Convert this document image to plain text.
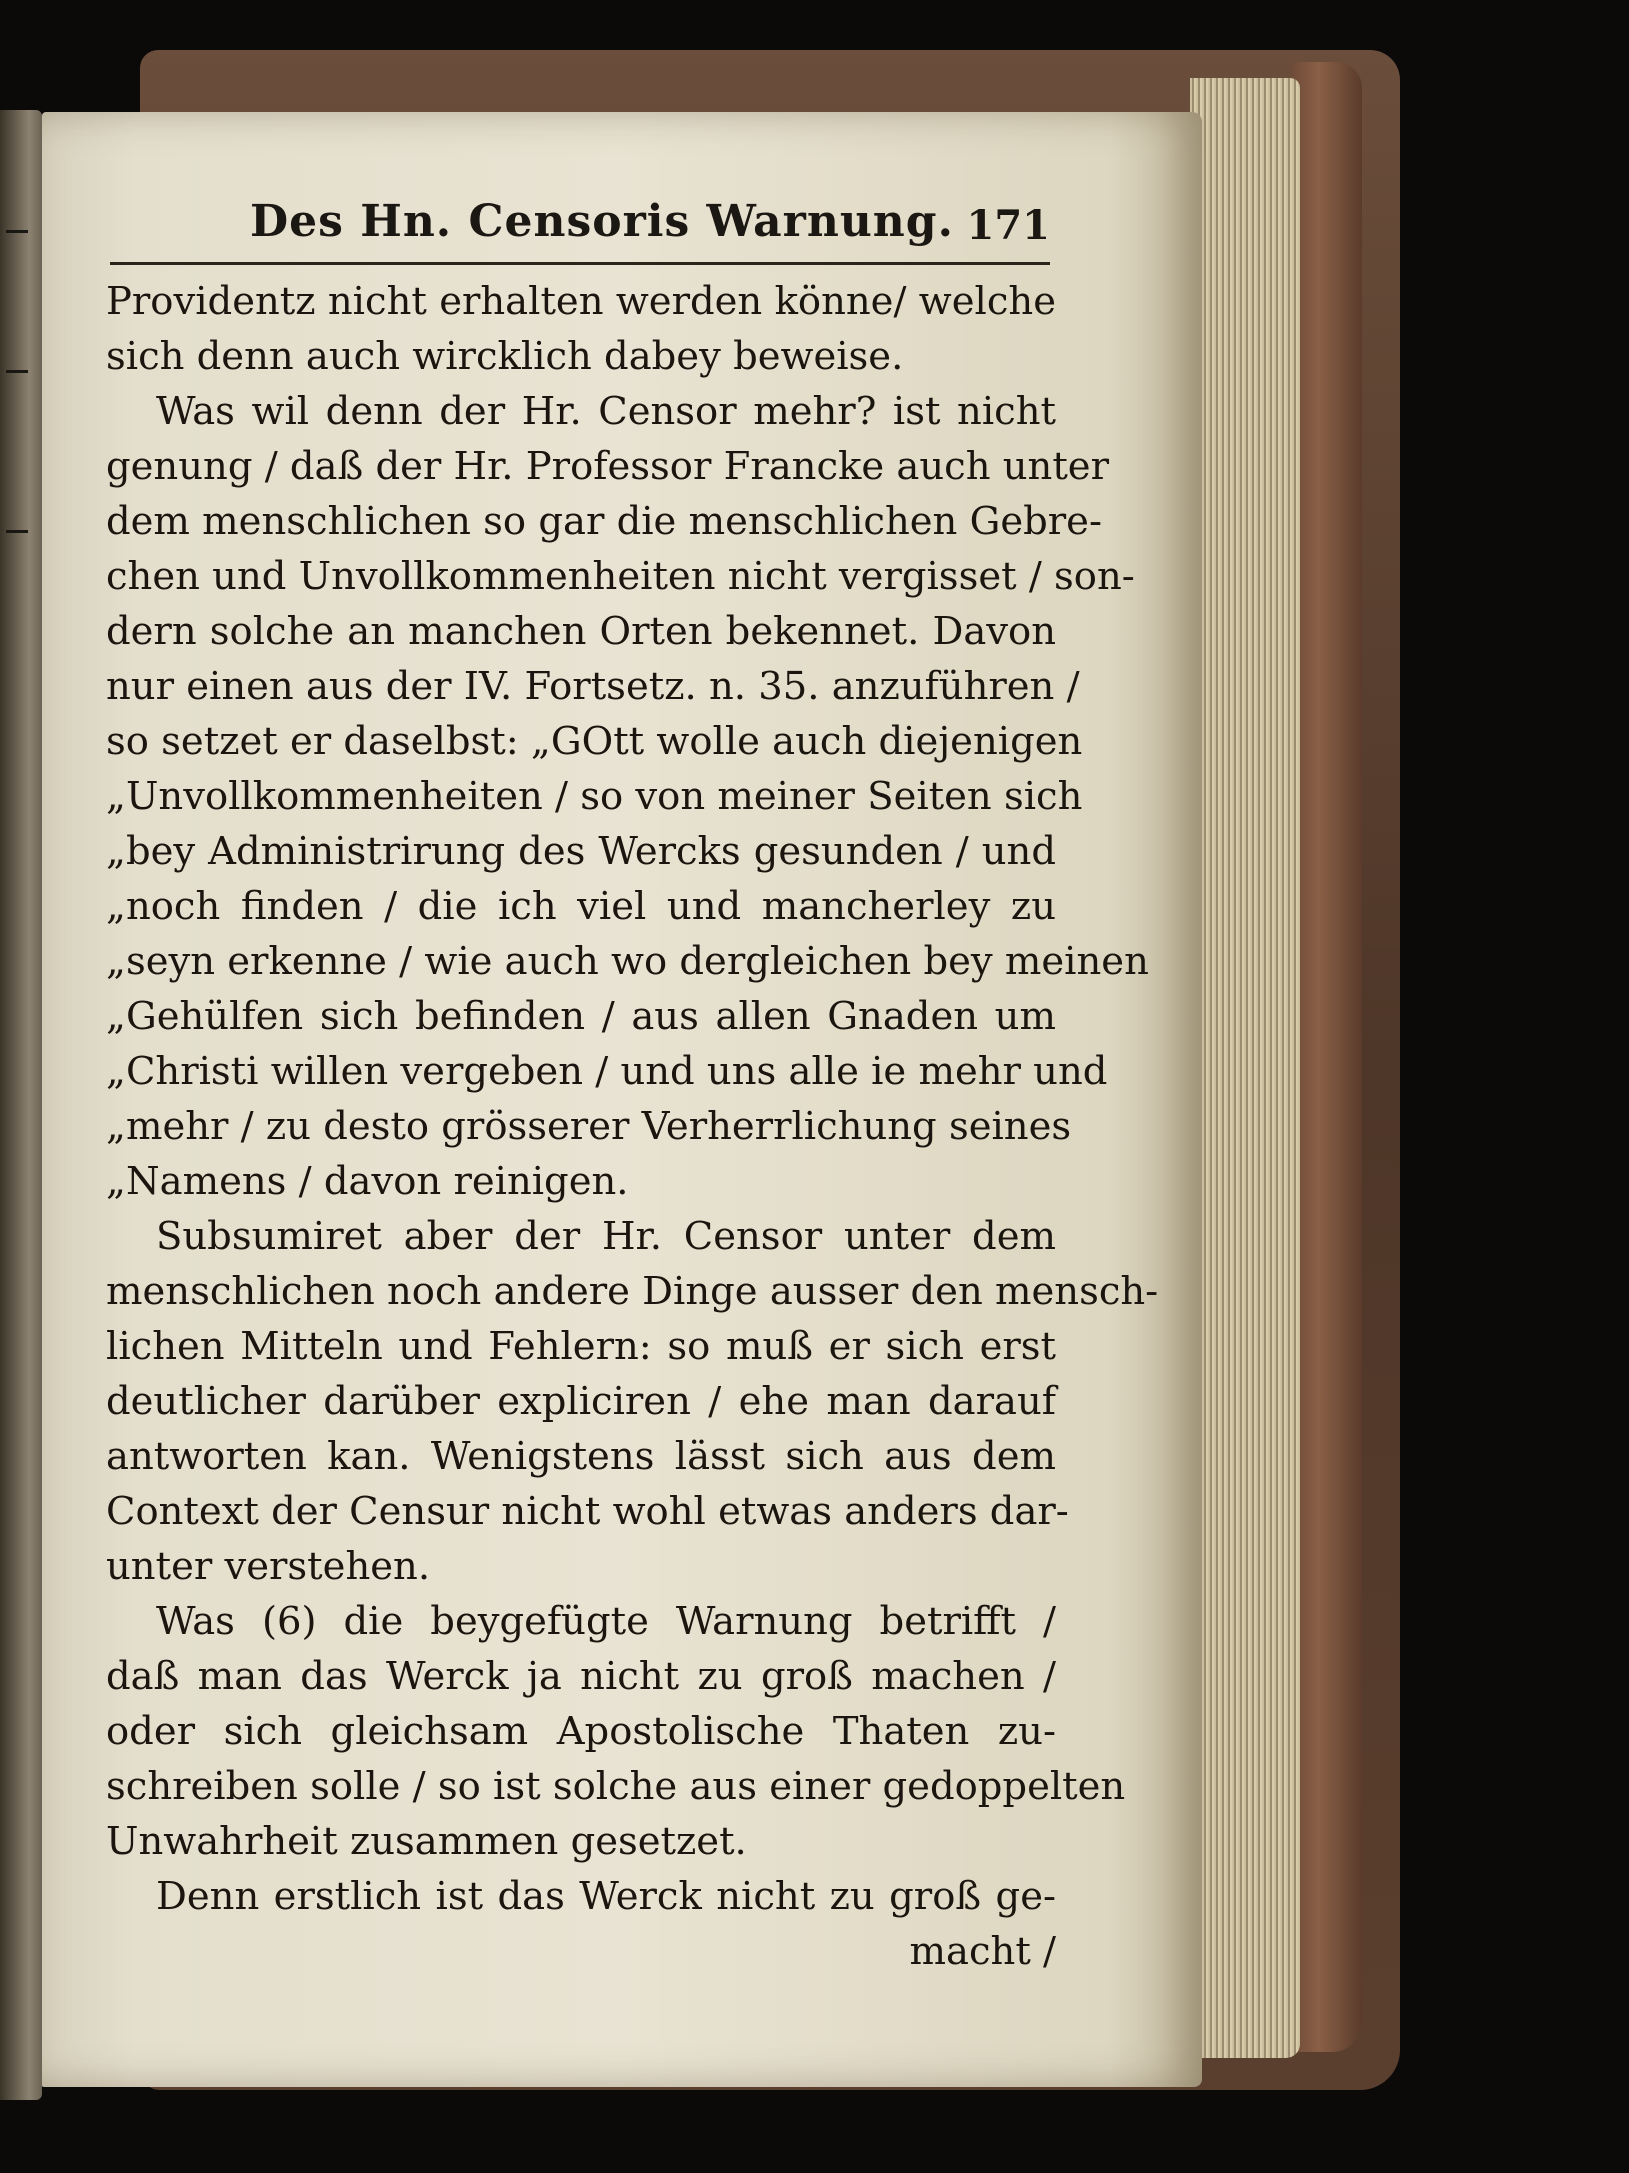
Des Hn. Censoris Warnung. 171
Providentz nicht erhalten werden könne/ welche
sich denn auch wircklich dabey beweise.
Was wil denn der Hr. Censor mehr? ist nicht
genung / daß der Hr. Professor Francke auch unter
dem menschlichen so gar die menschlichen Gebre-
chen und Unvollkommenheiten nicht vergisset / son-
dern solche an manchen Orten bekennet. Davon
nur einen aus der IV. Fortsetz. n. 35. anzuführen /
so setzet er daselbst: „GOtt wolle auch diejenigen
„Unvollkommenheiten / so von meiner Seiten sich
„bey Administrirung des Wercks gesunden / und
„noch finden / die ich viel und mancherley zu
„seyn erkenne / wie auch wo dergleichen bey meinen
„Gehülfen sich befinden / aus allen Gnaden um
„Christi willen vergeben / und uns alle ie mehr und
„mehr / zu desto grösserer Verherrlichung seines
„Namens / davon reinigen.
Subsumiret aber der Hr. Censor unter dem
menschlichen noch andere Dinge ausser den mensch-
lichen Mitteln und Fehlern: so muß er sich erst
deutlicher darüber expliciren / ehe man darauf
antworten kan. Wenigstens lässt sich aus dem
Context der Censur nicht wohl etwas anders dar-
unter verstehen.
Was (6) die beygefügte Warnung betrifft /
daß man das Werck ja nicht zu groß machen /
oder sich gleichsam Apostolische Thaten zu-
schreiben solle / so ist solche aus einer gedoppelten
Unwahrheit zusammen gesetzet.
Denn erstlich ist das Werck nicht zu groß ge-
macht /
